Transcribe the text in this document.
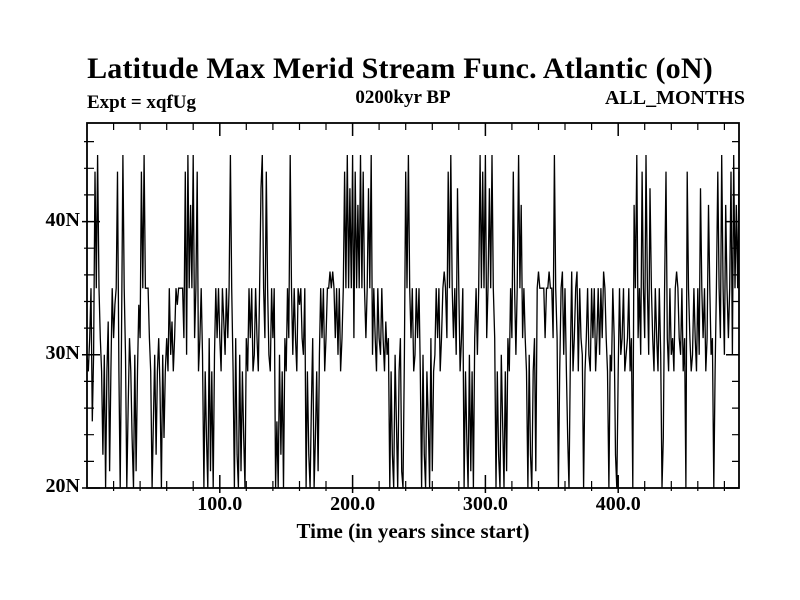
Latitude Max Merid Stream Func. Atlantic (oN)
Expt = xqfUg	0200kyr BP	ALL_MONTHS
Time (in years since start)
100.0	200.0	300.0	400.0
20N
30N
40N
